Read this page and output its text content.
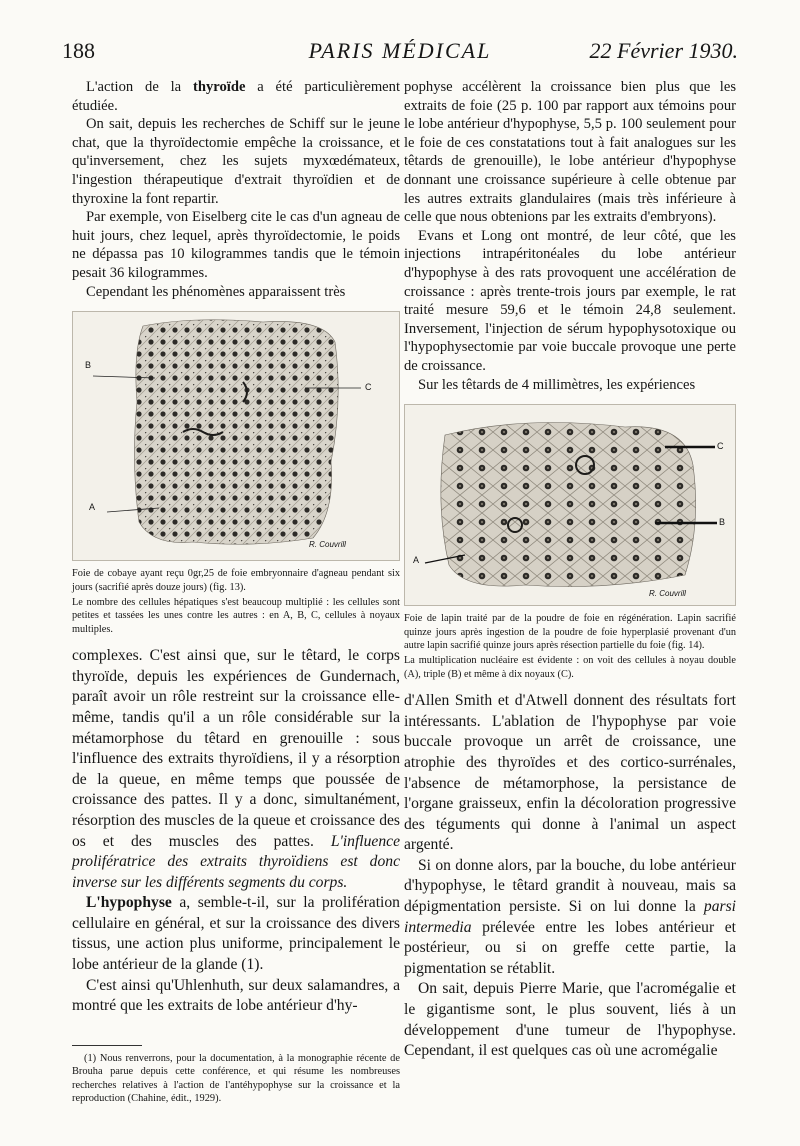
188	PARIS MÉDICAL	22 Février 1930.

L'action de la thyroïde a été particulièrement étudiée.

On sait, depuis les recherches de Schiff sur le jeune chat, que la thyroïdectomie empêche la croissance, et qu'inversement, chez les sujets myxœdémateux, l'ingestion thérapeutique d'extrait thyroïdien et de thyroxine la font repartir.

Par exemple, von Eiselberg cite le cas d'un agneau de huit jours, chez lequel, après thyroïdectomie, le poids ne dépassa pas 10 kilogrammes tandis que le témoin pesait 36 kilogrammes.

Cependant les phénomènes apparaissent très

B
C
A
R. Couvrill

Foie de cobaye ayant reçu 0gr,25 de foie embryonnaire d'agneau pendant six jours (sacrifié après douze jours) (fig. 13).

Le nombre des cellules hépatiques s'est beaucoup multiplié : les cellules sont petites et tassées les unes contre les autres : en A, B, C, cellules à noyaux multiples.

complexes. C'est ainsi que, sur le têtard, le corps thyroïde, depuis les expériences de Gundernach, paraît avoir un rôle restreint sur la croissance elle-même, tandis qu'il a un rôle considérable sur la métamorphose du têtard en grenouille : sous l'influence des extraits thyroïdiens, il y a résorption de la queue, en même temps que poussée de croissance des pattes. Il y a donc, simultanément, résorption des muscles de la queue et croissance des os et des muscles des pattes. L'influence prolifératrice des extraits thyroïdiens est donc inverse sur les différents segments du corps.

L'hypophyse a, semble-t-il, sur la prolifération cellulaire en général, et sur la croissance des divers tissus, une action plus uniforme, principalement le lobe antérieur de la glande (1).

C'est ainsi qu'Uhlenhuth, sur deux salamandres, a montré que les extraits de lobe antérieur d'hy-

(1) Nous renverrons, pour la documentation, à la monographie récente de Brouha parue depuis cette conférence, et qui résume les nombreuses recherches relatives à l'action de l'antéhypophyse sur la croissance et la reproduction (Chahine, édit., 1929).

pophyse accélèrent la croissance bien plus que les extraits de foie (25 p. 100 par rapport aux témoins pour le lobe antérieur d'hypophyse, 5,5 p. 100 seulement pour le foie de ces constatations tout à fait analogues sur les têtards de grenouille), le lobe antérieur d'hypophyse donnant une croissance supérieure à celle obtenue par les autres extraits glandulaires (mais très inférieure à celle que nous obtenions par les extraits d'embryons).

Evans et Long ont montré, de leur côté, que les injections intrapéritonéales du lobe antérieur d'hypophyse à des rats provoquent une accélération de croissance : après trente-trois jours par exemple, le rat traité mesure 59,6 et le témoin 24,8 seulement. Inversement, l'injection de sérum hypophysotoxique ou l'hypophysectomie par voie buccale provoque une perte de croissance.

Sur les têtards de 4 millimètres, les expériences

C
B
A
R. Couvrill

Foie de lapin traité par de la poudre de foie en régénération. Lapin sacrifié quinze jours après ingestion de la poudre de foie hyperplasié provenant d'un autre lapin sacrifié quinze jours après résection partielle du foie (fig. 14).

La multiplication nucléaire est évidente : on voit des cellules à noyau double (A), triple (B) et même à dix noyaux (C).

d'Allen Smith et d'Atwell donnent des résultats fort intéressants. L'ablation de l'hypophyse par voie buccale provoque un arrêt de croissance, une atrophie des thyroïdes et des cortico-surrénales, l'absence de métamorphose, la persistance de l'organe graisseux, enfin la décoloration progressive des téguments qui donne à l'animal un aspect argenté.

Si on donne alors, par la bouche, du lobe antérieur d'hypophyse, le têtard grandit à nouveau, mais sa dépigmentation persiste. Si on lui donne la parsi intermedia prélevée entre les lobes antérieur et postérieur, ou si on greffe cette partie, la pigmentation se rétablit.

On sait, depuis Pierre Marie, que l'acromégalie et le gigantisme sont, le plus souvent, liés à un développement d'une tumeur de l'hypophyse. Cependant, il est quelques cas où une acromégalie
